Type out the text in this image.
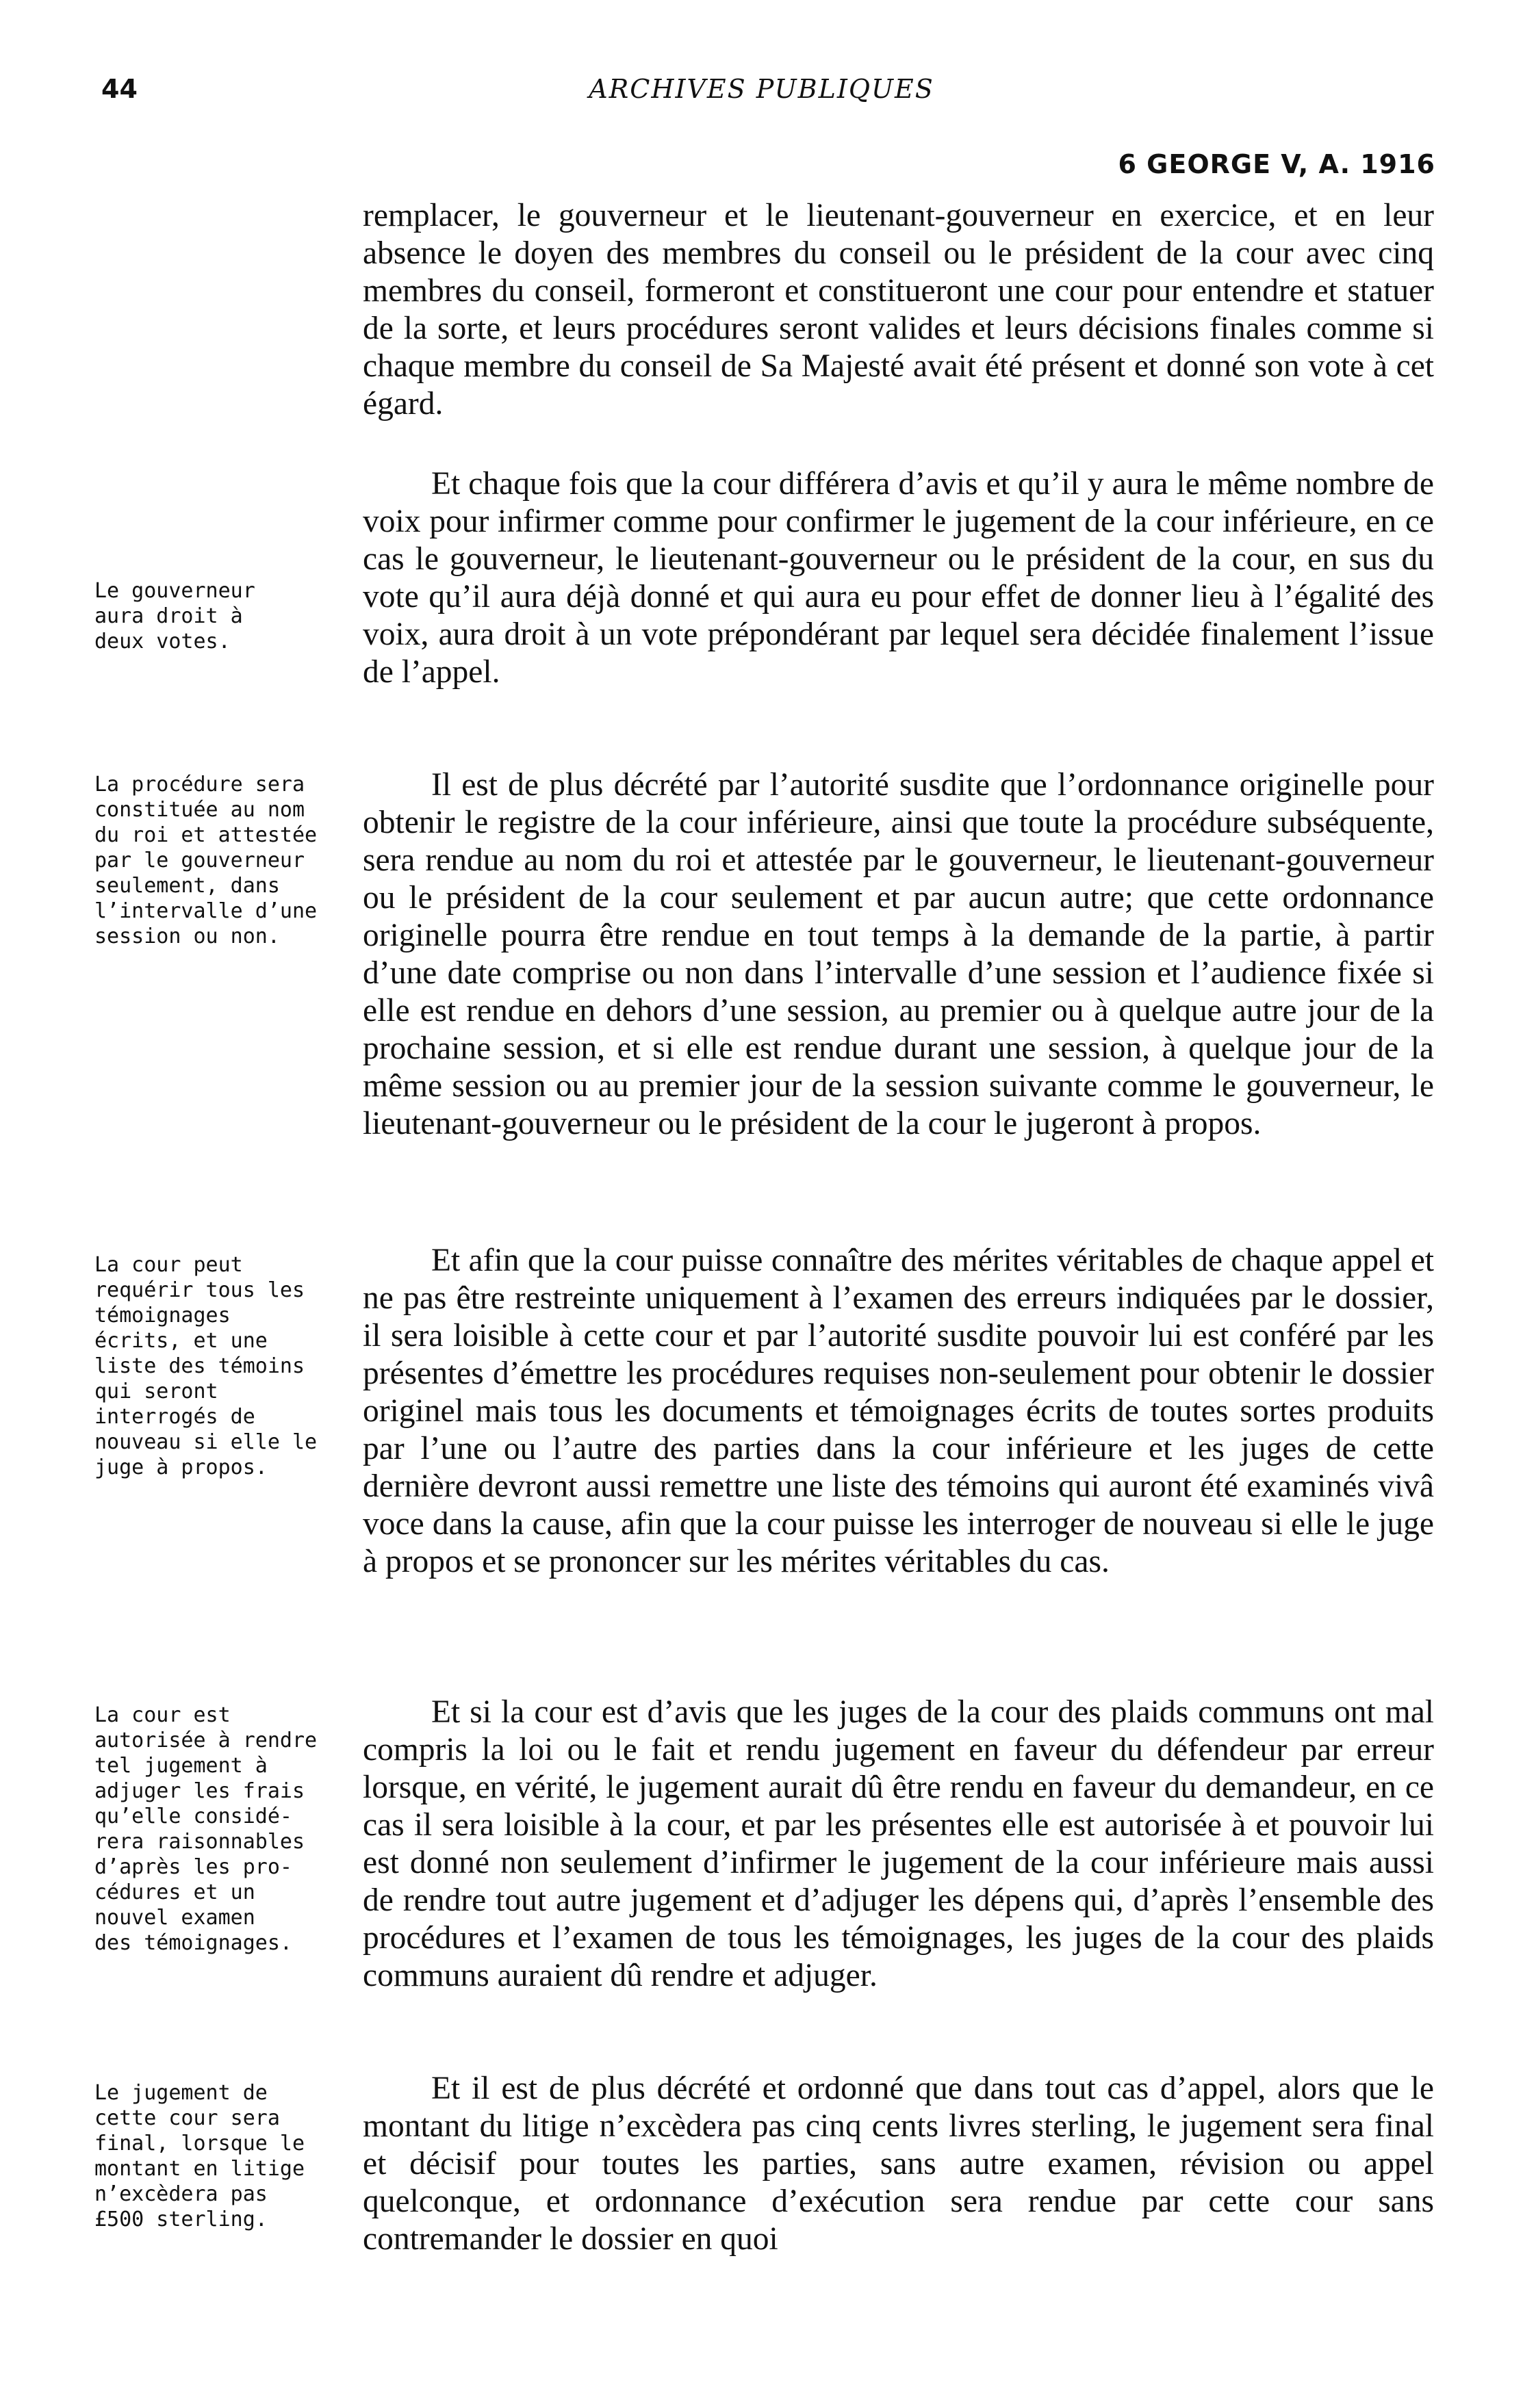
44	ARCHIVES PUBLIQUES
6 GEORGE V, A. 1916

remplacer, le gouverneur et le lieutenant-gouverneur en exercice, et en leur absence le doyen des membres du conseil ou le président de la cour avec cinq membres du conseil, formeront et constitueront une cour pour entendre et statuer de la sorte, et leurs procédures seront valides et leurs décisions finales comme si chaque membre du conseil de Sa Majesté avait été présent et donné son vote à cet égard.

Et chaque fois que la cour différera d’avis et qu’il y aura le même nombre de voix pour infirmer comme pour confirmer le jugement de la cour inférieure, en ce cas le gouverneur, le lieutenant-gouverneur ou le président de la cour, en sus du vote qu’il aura déjà donné et qui aura eu pour effet de donner lieu à l’égalité des voix, aura droit à un vote prépondérant par lequel sera décidée finalement l’issue de l’appel.

Il est de plus décrété par l’autorité susdite que l’ordonnance originelle pour obtenir le registre de la cour inférieure, ainsi que toute la procédure subséquente, sera rendue au nom du roi et attestée par le gouverneur, le lieutenant-gouverneur ou le président de la cour seulement et par aucun autre; que cette ordonnance originelle pourra être rendue en tout temps à la demande de la partie, à partir d’une date comprise ou non dans l’intervalle d’une session et l’audience fixée si elle est rendue en dehors d’une session, au premier ou à quelque autre jour de la prochaine session, et si elle est rendue durant une session, à quelque jour de la même session ou au premier jour de la session suivante comme le gouverneur, le lieutenant-gouverneur ou le président de la cour le jugeront à propos.

Et afin que la cour puisse connaître des mérites véritables de chaque appel et ne pas être restreinte uniquement à l’examen des erreurs indiquées par le dossier, il sera loisible à cette cour et par l’autorité susdite pouvoir lui est conféré par les présentes d’émettre les procédures requises non-seulement pour obtenir le dossier originel mais tous les documents et témoignages écrits de toutes sortes produits par l’une ou l’autre des parties dans la cour inférieure et les juges de cette dernière devront aussi remettre une liste des témoins qui auront été examinés vivâ voce dans la cause, afin que la cour puisse les interroger de nouveau si elle le juge à propos et se prononcer sur les mérites véritables du cas.

Et si la cour est d’avis que les juges de la cour des plaids communs ont mal compris la loi ou le fait et rendu jugement en faveur du défendeur par erreur lorsque, en vérité, le jugement aurait dû être rendu en faveur du demandeur, en ce cas il sera loisible à la cour, et par les présentes elle est autorisée à et pouvoir lui est donné non seulement d’infirmer le jugement de la cour inférieure mais aussi de rendre tout autre jugement et d’adjuger les dépens qui, d’après l’ensemble des procédures et l’examen de tous les témoignages, les juges de la cour des plaids communs auraient dû rendre et adjuger.

Et il est de plus décrété et ordonné que dans tout cas d’appel, alors que le montant du litige n’excèdera pas cinq cents livres sterling, le jugement sera final et décisif pour toutes les parties, sans autre examen, révision ou appel quelconque, et ordonnance d’exécution sera rendue par cette cour sans contremander le dossier en quoi

Le gouverneur
aura droit à
deux votes.
La procédure sera
constituée au nom
du roi et attestée
par le gouverneur
seulement, dans
l’intervalle d’une
session ou non.
La cour peut
requérir tous les
témoignages
écrits, et une
liste des témoins
qui seront
interrogés de
nouveau si elle le
juge à propos.
La cour est
autorisée à rendre
tel jugement à
adjuger les frais
qu’elle considé-
rera raisonnables
d’après les pro-
cédures et un
nouvel examen
des témoignages.
Le jugement de
cette cour sera
final, lorsque le
montant en litige
n’excèdera pas
£500 sterling.
